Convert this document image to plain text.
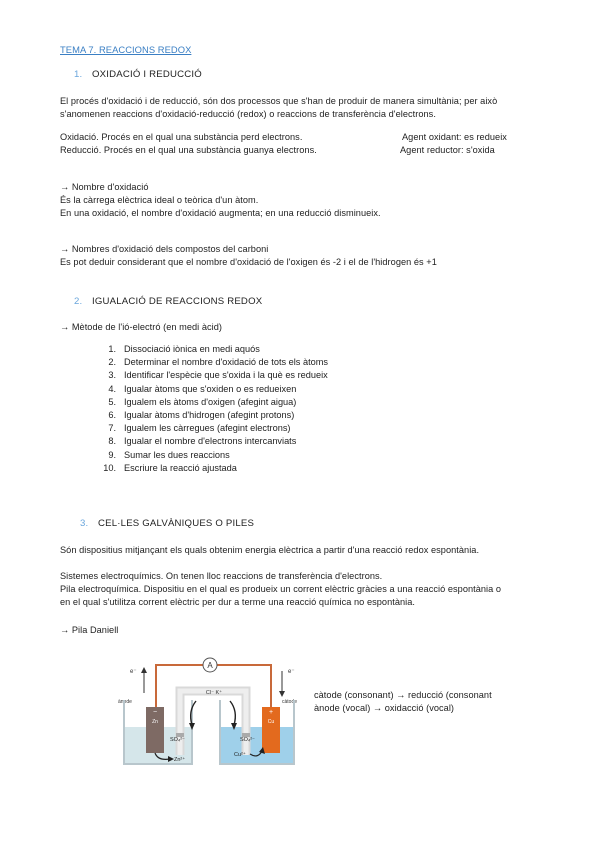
TEMA 7. REACCIONS REDOX
1. OXIDACIÓ I REDUCCIÓ
El procés d'oxidació i de reducció, són dos processos que s'han de produir de manera simultània; per això
s'anomenen reaccions d'oxidació-reducció (redox) o reaccions de transferència d'electrons.
Oxidació. Procés en el qual una substància perd electrons.	Agent oxidant: es redueix
Reducció. Procés en el qual una substància guanya electrons.	Agent reductor: s'oxida
→ Nombre d'oxidació
És la càrrega elèctrica ideal o teòrica d'un àtom.
En una oxidació, el nombre d'oxidació augmenta; en una reducció disminueix.
→ Nombres d'oxidació dels compostos del carboni
Es pot deduir considerant que el nombre d'oxidació de l'oxigen és -2 i el de l'hidrogen és +1
2. IGUALACIÓ DE REACCIONS REDOX
→ Mètode de l'ió-electró (en medi àcid)
1. Dissociació iònica en medi aquós
2. Determinar el nombre d'oxidació de tots els àtoms
3. Identificar l'espècie que s'oxida i la què es redueix
4. Igualar àtoms que s'oxiden o es redueixen
5. Igualem els àtoms d'oxigen (afegint aigua)
6. Igualar àtoms d'hidrogen (afegint protons)
7. Igualem les càrregues (afegint electrons)
8. Igualar el nombre d'electrons intercanviats
9. Sumar les dues reaccions
10. Escriure la reacció ajustada
3. CEL·LES GALVÀNIQUES O PILES
Són dispositius mitjançant els quals obtenim energia elèctrica a partir d'una reacció redox espontània.
Sistemes electroquímics. On tenen lloc reaccions de transferència d'electrons.
Pila electroquímica. Dispositiu en el qual es produeix un corrent elèctric gràcies a una reacció espontània o
en el qual s'utilitza corrent elèctric per dur a terme una reacció química no espontània.
→ Pila Daniell
A
e⁻	e⁻
ànode	càtode
Cl⁻ K⁺
−
Zn
+
Cu
SO₄²⁻	SO₄²⁻
Zn²⁺
Cu²⁺
càtode (consonant) → reducció (consonant
ànode (vocal) → oxidacció (vocal)
